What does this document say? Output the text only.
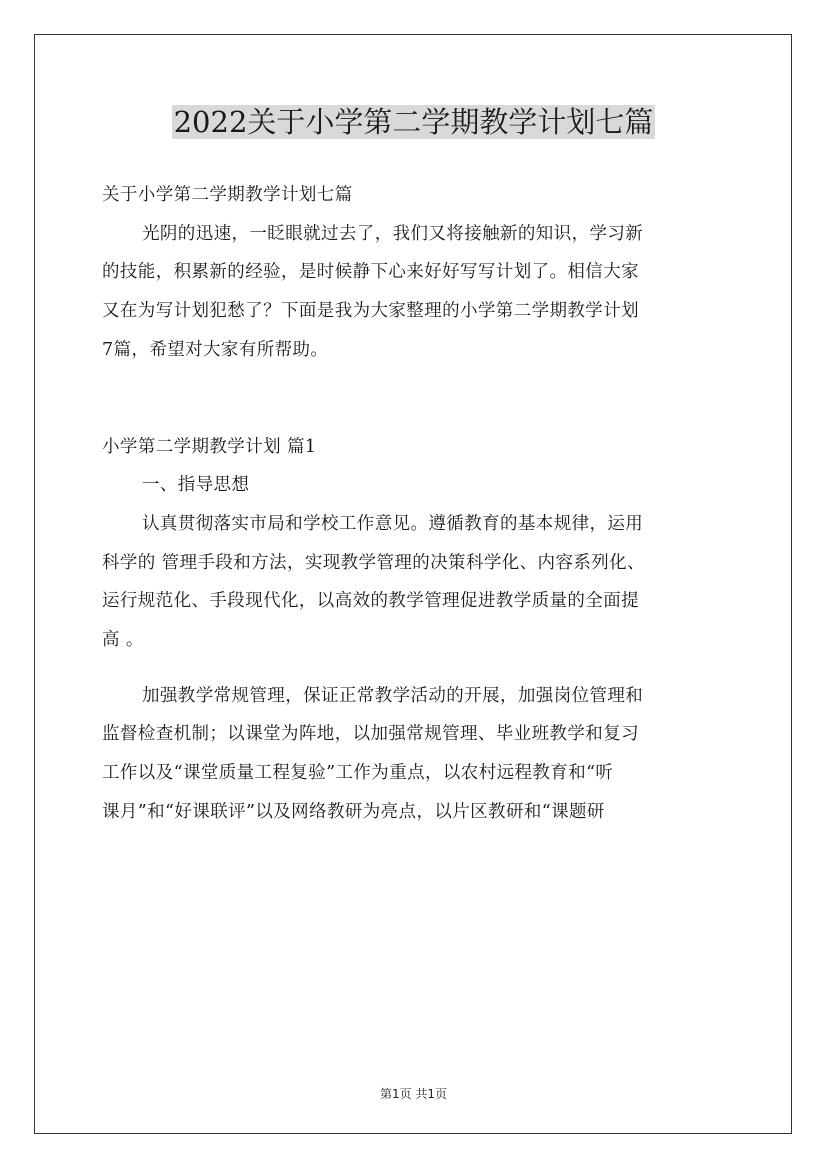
2022关于小学第二学期教学计划七篇

关于小学第二学期教学计划七篇

光阴的迅速，一眨眼就过去了，我们又将接触新的知识，学习新

的技能，积累新的经验，是时候静下心来好好写写计划了。相信大家

又在为写计划犯愁了？下面是我为大家整理的小学第二学期教学计划

7篇，希望对大家有所帮助。

小学第二学期教学计划 篇1

一、指导思想

认真贯彻落实市局和学校工作意见。遵循教育的基本规律，运用

科学的 管理手段和方法，实现教学管理的决策科学化、内容系列化、

运行规范化、手段现代化，以高效的教学管理促进教学质量的全面提

高 。

加强教学常规管理，保证正常教学活动的开展，加强岗位管理和

监督检查机制；以课堂为阵地，以加强常规管理、毕业班教学和复习

工作以及“课堂质量工程复验”工作为重点，以农村远程教育和“听

课月”和“好课联评”以及网络教研为亮点，以片区教研和“课题研

第1页 共1页
